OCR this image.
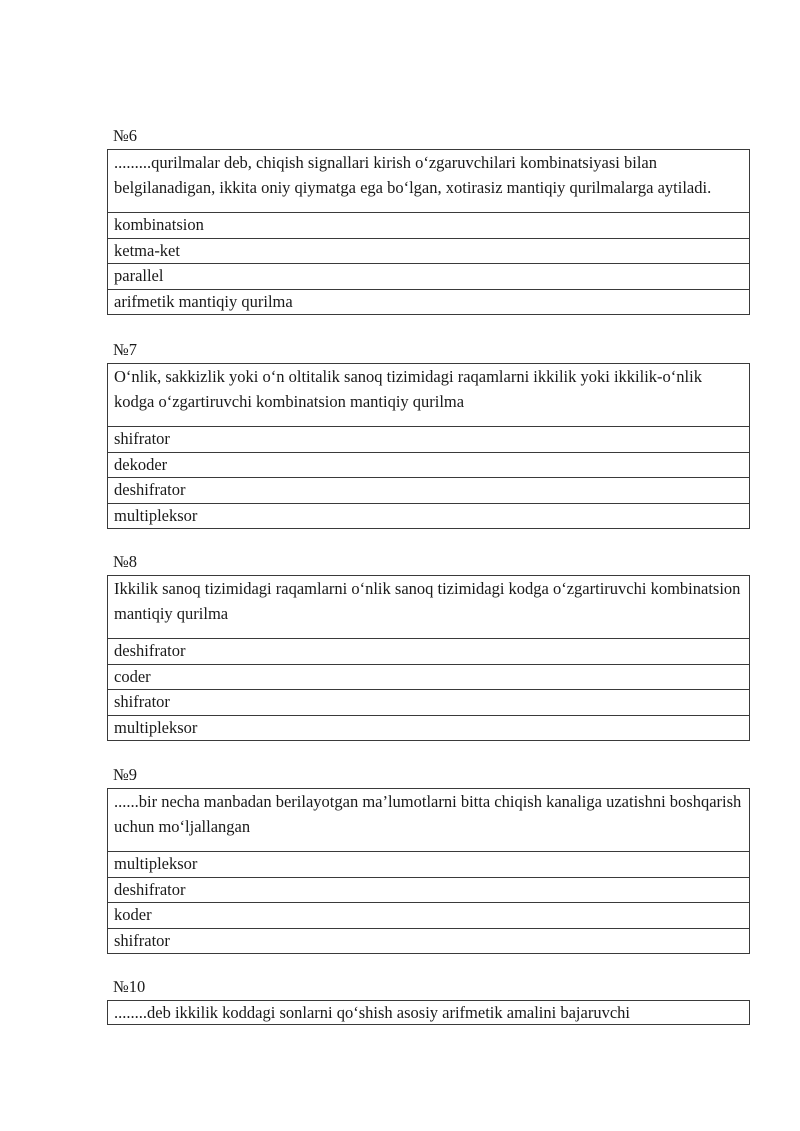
№6
.........qurilmalar deb, chiqish signallari kirish o‘zgaruvchilari kombinatsiyasi bilan belgilanadigan, ikkita oniy qiymatga ega bo‘lgan, xotirasiz mantiqiy qurilmalarga aytiladi.
kombinatsion
ketma-ket
parallel
arifmetik mantiqiy qurilma
№7
O‘nlik, sakkizlik yoki o‘n oltitalik sanoq tizimidagi raqamlarni ikkilik yoki ikkilik-o‘nlik kodga o‘zgartiruvchi kombinatsion mantiqiy qurilma
shifrator
dekoder
deshifrator
multipleksor
№8
Ikkilik sanoq tizimidagi raqamlarni o‘nlik sanoq tizimidagi kodga o‘zgartiruvchi kombinatsion mantiqiy qurilma
deshifrator
coder
shifrator
multipleksor
№9
......bir necha manbadan berilayotgan ma’lumotlarni bitta chiqish kanaliga uzatishni boshqarish uchun mo‘ljallangan
multipleksor
deshifrator
koder
shifrator
№10
........deb ikkilik koddagi sonlarni qo‘shish asosiy arifmetik amalini bajaruvchi
